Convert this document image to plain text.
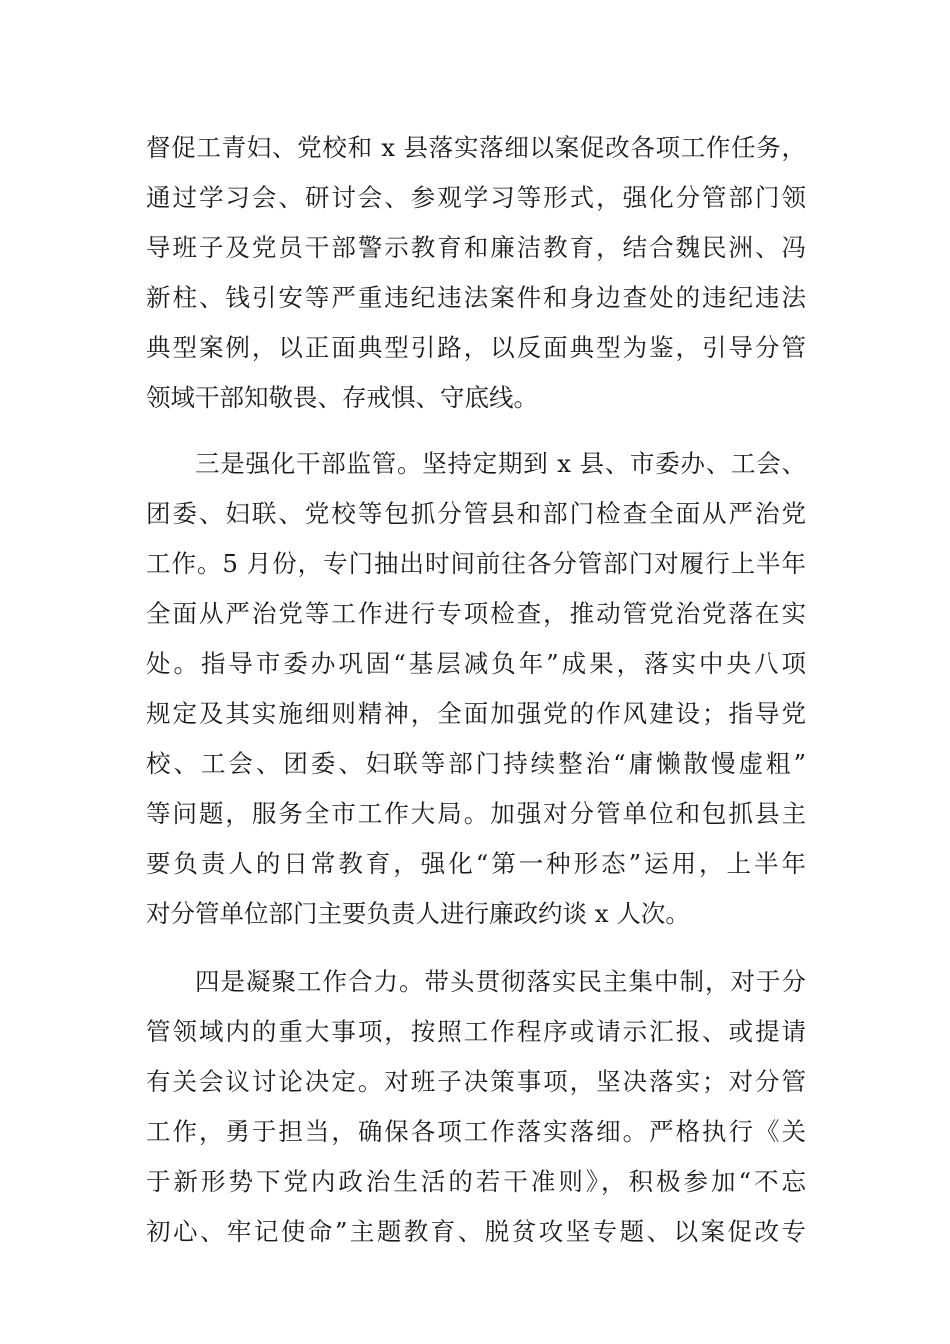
督促工青妇、党校和 x 县落实落细以案促改各项工作任务，
通过学习会、研讨会、参观学习等形式，强化分管部门领
导班子及党员干部警示教育和廉洁教育，结合魏民洲、冯
新柱、钱引安等严重违纪违法案件和身边查处的违纪违法
典型案例，以正面典型引路，以反面典型为鉴，引导分管
领域干部知敬畏、存戒惧、守底线。
三是强化干部监管。坚持定期到 x 县、市委办、工会、
团委、妇联、党校等包抓分管县和部门检查全面从严治党
工作。5 月份，专门抽出时间前往各分管部门对履行上半年
全面从严治党等工作进行专项检查，推动管党治党落在实
处。指导市委办巩固“基层减负年”成果，落实中央八项
规定及其实施细则精神，全面加强党的作风建设；指导党
校、工会、团委、妇联等部门持续整治“庸懒散慢虚粗”
等问题，服务全市工作大局。加强对分管单位和包抓县主
要负责人的日常教育，强化“第一种形态”运用，上半年
对分管单位部门主要负责人进行廉政约谈 x 人次。
四是凝聚工作合力。带头贯彻落实民主集中制，对于分
管领域内的重大事项，按照工作程序或请示汇报、或提请
有关会议讨论决定。对班子决策事项，坚决落实；对分管
工作，勇于担当，确保各项工作落实落细。严格执行《关
于新形势下党内政治生活的若干准则》，积极参加“不忘
初心、牢记使命”主题教育、脱贫攻坚专题、以案促改专
